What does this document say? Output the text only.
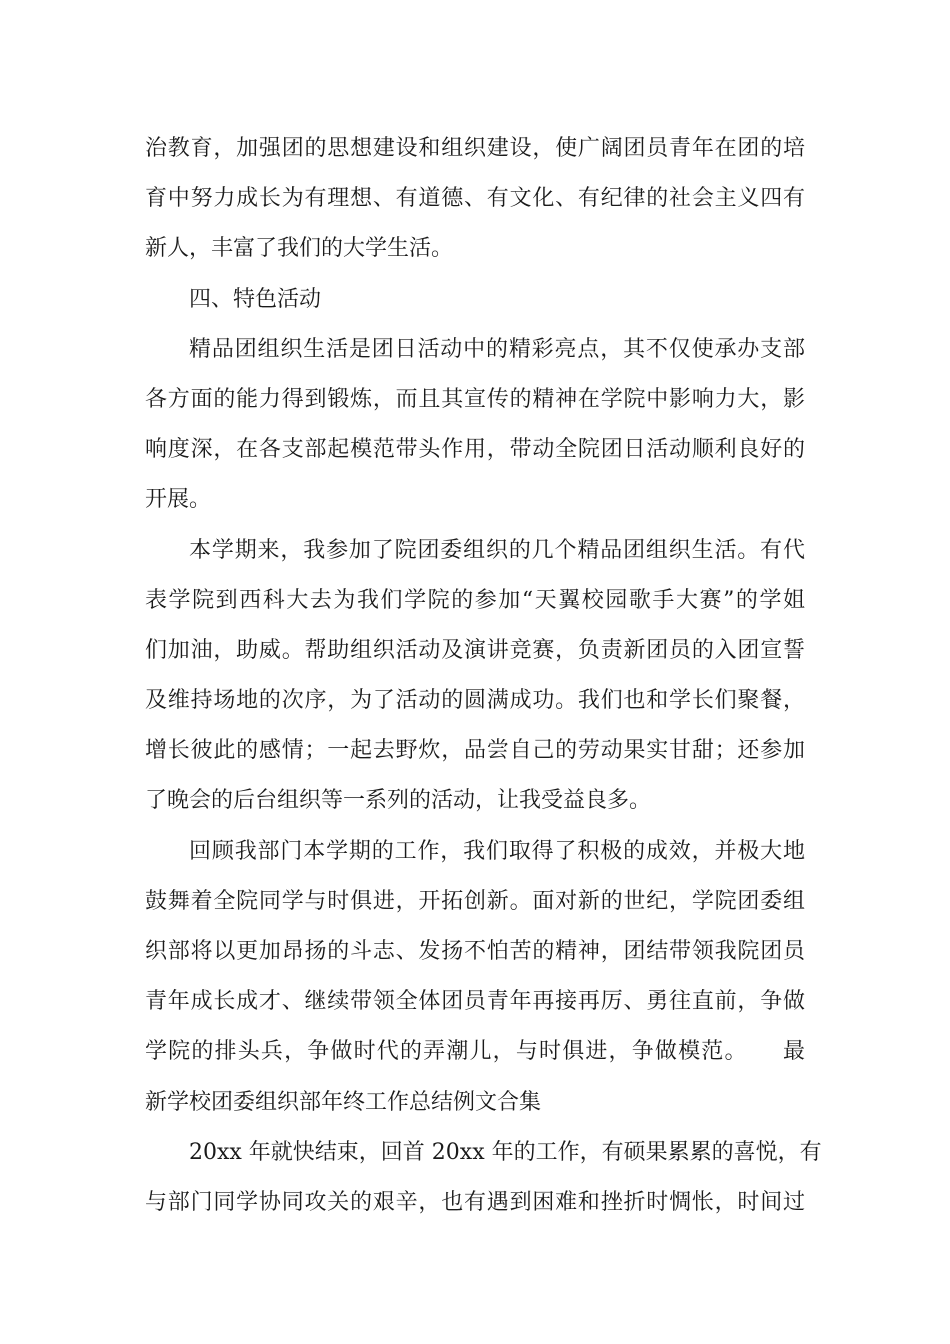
治教育，加强团的思想建设和组织建设，使广阔团员青年在团的培
育中努力成长为有理想、有道德、有文化、有纪律的社会主义四有
新人，丰富了我们的大学生活。
四、特色活动
精品团组织生活是团日活动中的精彩亮点，其不仅使承办支部
各方面的能力得到锻炼，而且其宣传的精神在学院中影响力大，影
响度深，在各支部起模范带头作用，带动全院团日活动顺利良好的
开展。
本学期来，我参加了院团委组织的几个精品团组织生活。有代
表学院到西科大去为我们学院的参加“天翼校园歌手大赛”的学姐
们加油，助威。帮助组织活动及演讲竞赛，负责新团员的入团宣誓
及维持场地的次序，为了活动的圆满成功。我们也和学长们聚餐，
增长彼此的感情；一起去野炊，品尝自己的劳动果实甘甜；还参加
了晚会的后台组织等一系列的活动，让我受益良多。
回顾我部门本学期的工作，我们取得了积极的成效，并极大地
鼓舞着全院同学与时俱进，开拓创新。面对新的世纪，学院团委组
织部将以更加昂扬的斗志、发扬不怕苦的精神，团结带领我院团员
青年成长成才、继续带领全体团员青年再接再厉、勇往直前，争做
学院的排头兵，争做时代的弄潮儿，与时俱进，争做模范。　　最
新学校团委组织部年终工作总结例文合集
20xx 年就快结束，回首 20xx 年的工作，有硕果累累的喜悦，有
与部门同学协同攻关的艰辛，也有遇到困难和挫折时惆怅，时间过
